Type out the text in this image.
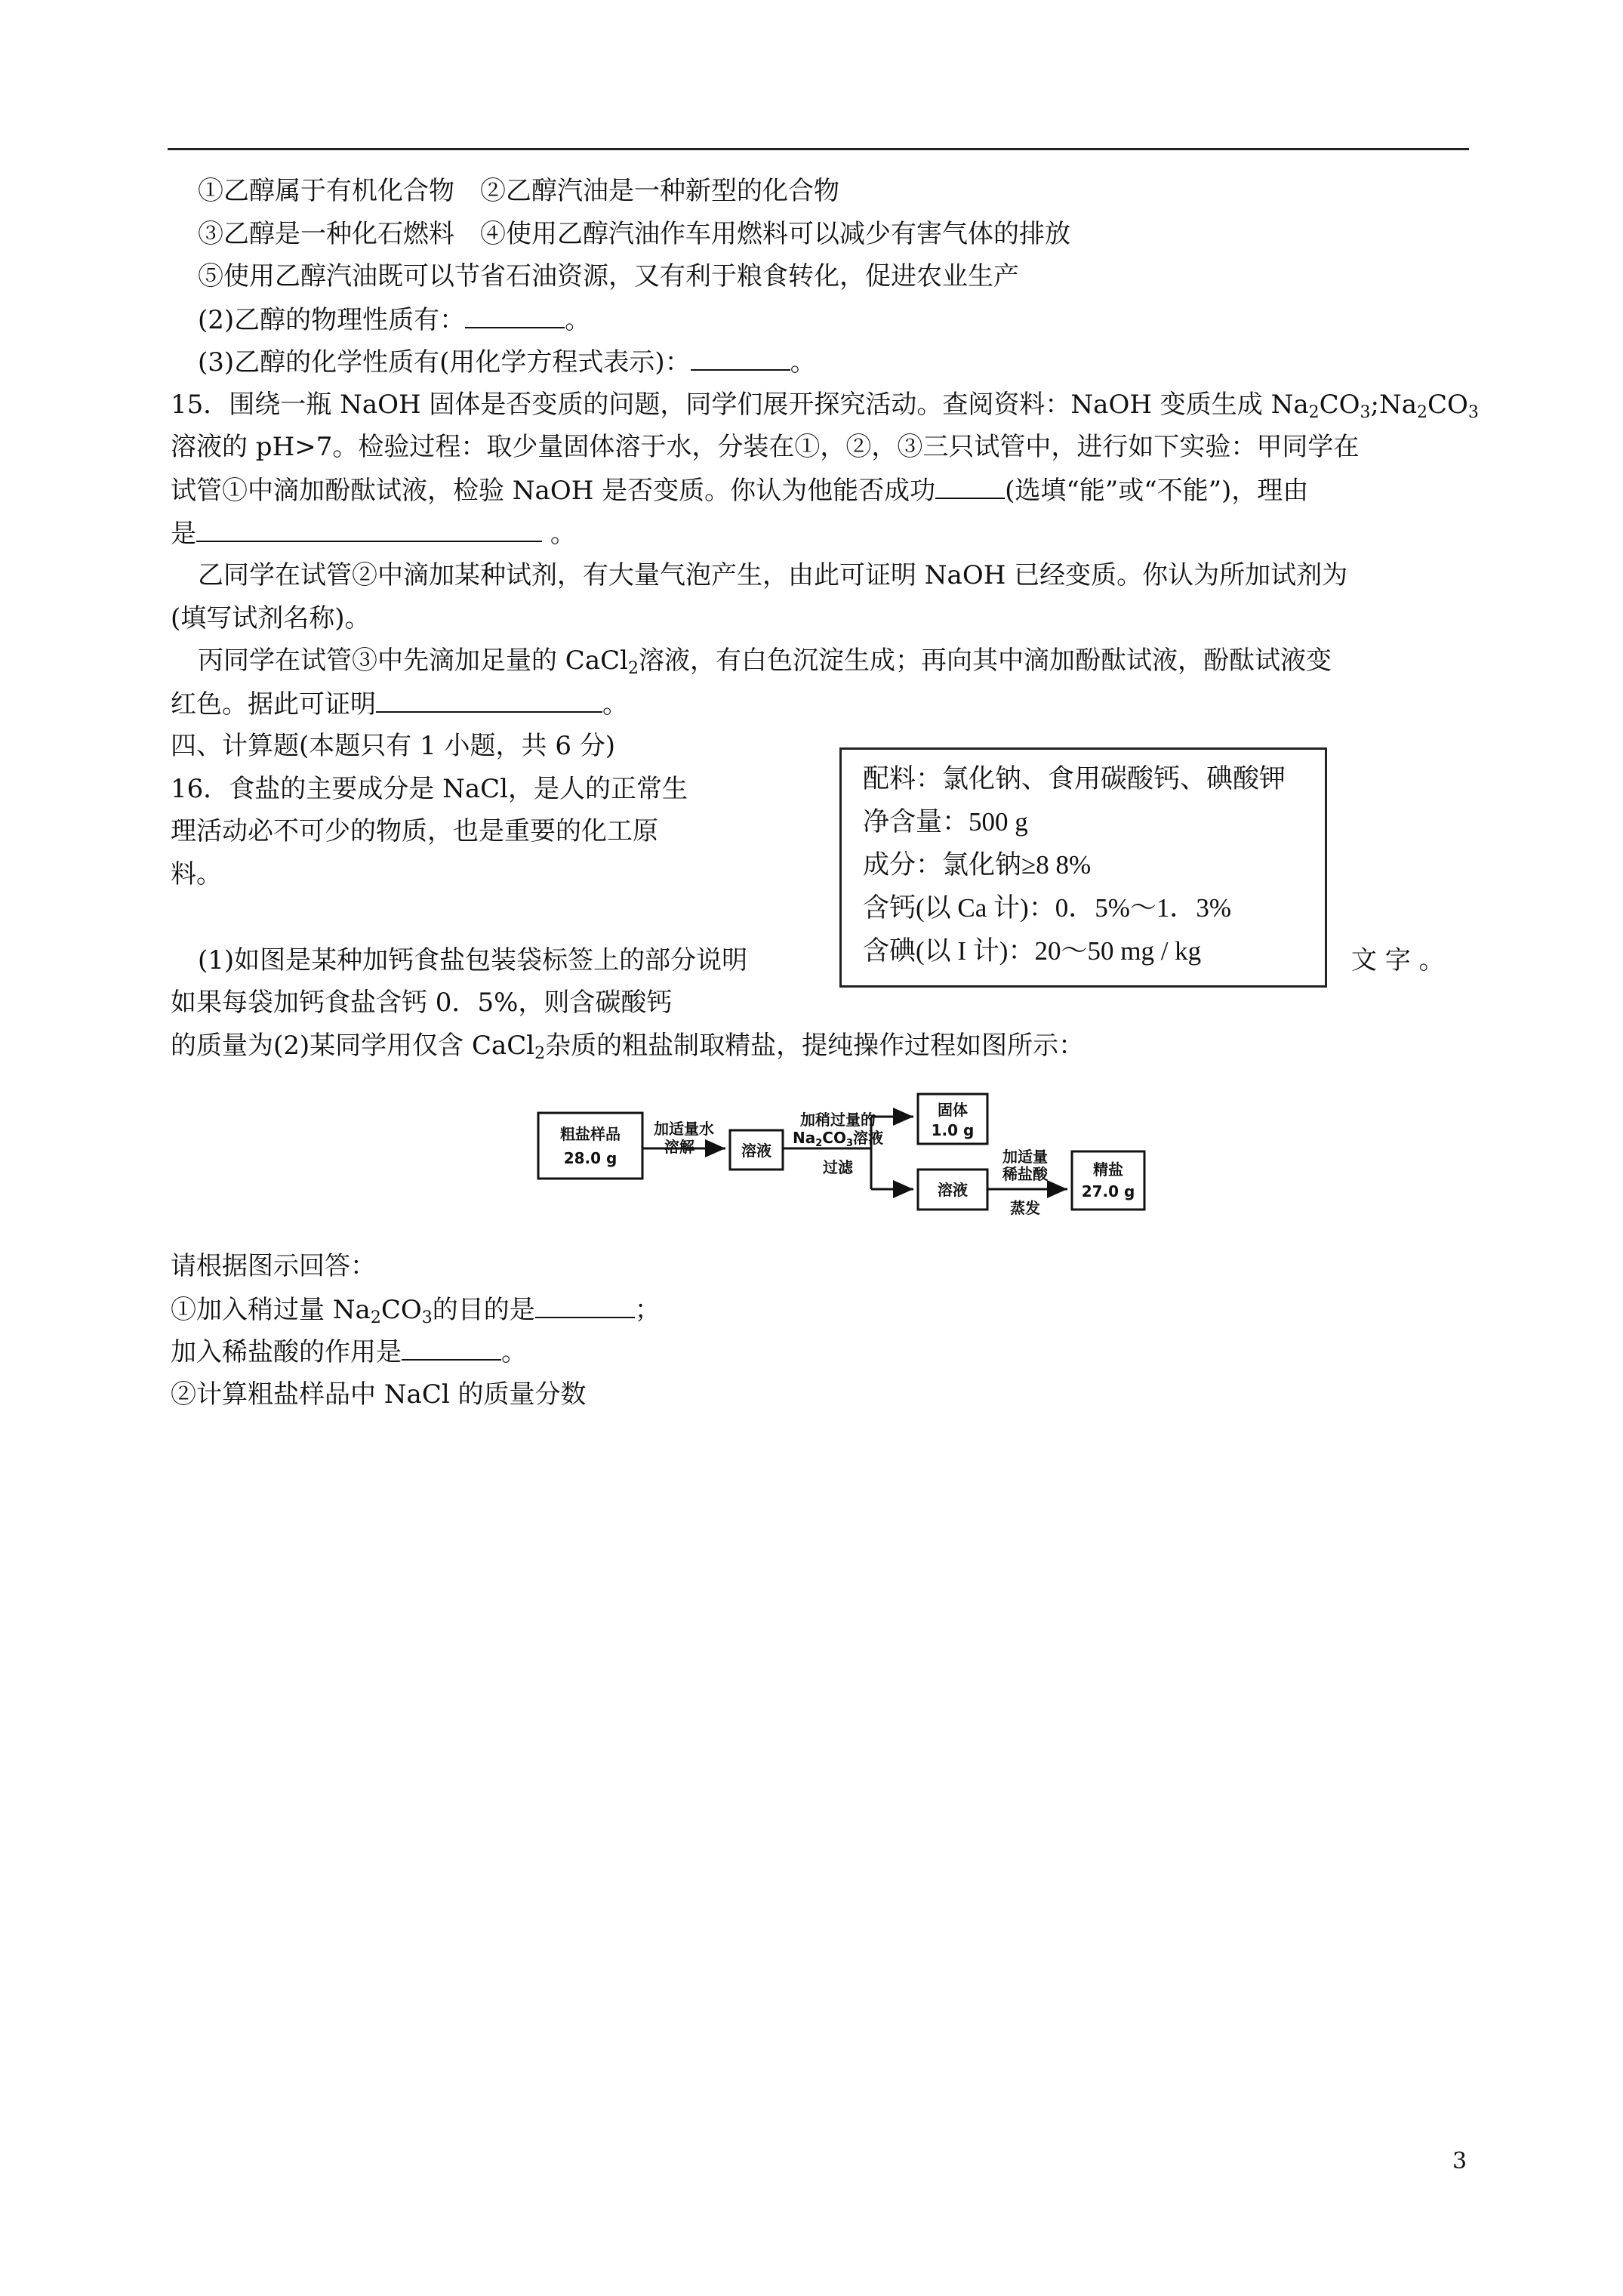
①乙醇属于有机化合物　 ②乙醇汽油是一种新型的化合物
③乙醇是一种化石燃料　 ④使用乙醇汽油作车用燃料可以减少有害气体的排放
⑤使用乙醇汽油既可以节省石油资源，又有利于粮食转化，促进农业生产
(2)乙醇的物理性质有：	。
(3)乙醇的化学性质有(用化学方程式表示)：	。
15．围绕一瓶 NaOH 固体是否变质的问题，同学们展开探究活动。查阅资料：NaOH 变质生成 $Na_2CO_3;Na_2CO_3$
溶液的 pH>7。检验过程：取少量固体溶于水，分装在①，②，③三只试管中，进行如下实验：甲同学在
试管①中滴加酚酞试液，检验 NaOH 是否变质。你认为他能否成功	(选填“能”或“不能”)，理由
是	。
乙同学在试管②中滴加某种试剂，有大量气泡产生，由此可证明 NaOH 已经变质。你认为所加试剂为
(填写试剂名称)。
丙同学在试管③中先滴加足量的 CaCl$_2$溶液，有白色沉淀生成；再向其中滴加酚酞试液，酚酞试液变
红色。据此可证明	。
四、计算题(本题只有 1 小题，共 6 分)
16．食盐的主要成分是 NaCl，是人的正常生
理活动必不可少的物质，也是重要的化工原
料。
(1)如图是某种加钙食盐包装袋标签上的部分说明	文 字 。
如果每袋加钙食盐含钙 0．5%，则含碳酸钙
的质量为(2)某同学用仅含 CaCl$_2$杂质的粗盐制取精盐，提纯操作过程如图所示：
配料：氯化钠、食用碳酸钙、碘酸钾
净含量：500 g
成分：氯化钠≥8 8%
含钙(以 Ca 计)：0．5%～1．3%
含碘(以 I 计)：20～50 mg / kg
粗盐样品
28.0 g
加适量水
溶解	溶液
加稍过量的
$Na_2CO_3$溶液
过滤
固体
1.0 g
溶液
加适量
稀盐酸
蒸发
精盐
27.0 g
请根据图示回答：
①加入稍过量 $Na_2CO_3$的目的是	；
加入稀盐酸的作用是	。
②计算粗盐样品中 NaCl 的质量分数
3
